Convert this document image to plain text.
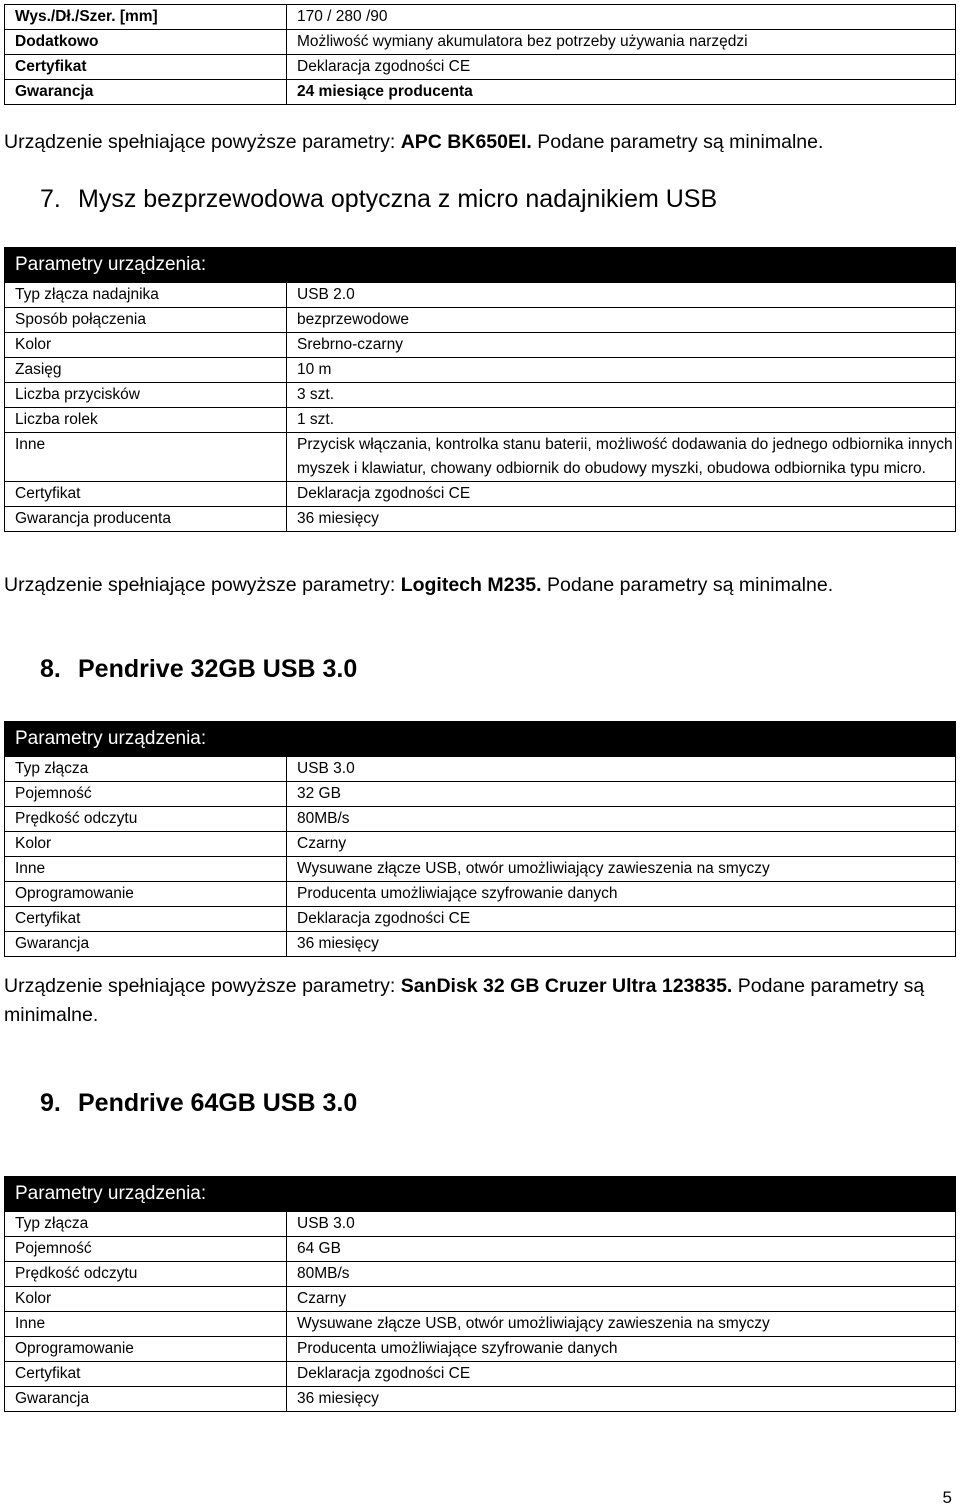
Wys./Dł./Szer. [mm]	170 / 280 /90
Dodatkowo	Możliwość wymiany akumulatora bez potrzeby używania narzędzi
Certyfikat	Deklaracja zgodności CE
Gwarancja	24 miesiące producenta
Urządzenie spełniające powyższe parametry: APC BK650EI. Podane parametry są minimalne.
7. Mysz bezprzewodowa optyczna z micro nadajnikiem USB
Parametry urządzenia:	
Typ złącza nadajnika	USB 2.0
Sposób połączenia	bezprzewodowe
Kolor	Srebrno-czarny
Zasięg	10 m
Liczba przycisków	3 szt.
Liczba rolek	1 szt.
Inne	Przycisk włączania, kontrolka stanu baterii, możliwość dodawania do jednego odbiornika innych myszek i klawiatur, chowany odbiornik do obudowy myszki, obudowa odbiornika typu micro.
Certyfikat	Deklaracja zgodności CE
Gwarancja producenta	36 miesięcy
Urządzenie spełniające powyższe parametry: Logitech M235. Podane parametry są minimalne.
8. Pendrive 32GB USB 3.0
Parametry urządzenia:	
Typ złącza	USB 3.0
Pojemność	32 GB
Prędkość odczytu	80MB/s
Kolor	Czarny
Inne	Wysuwane złącze USB, otwór umożliwiający zawieszenia na smyczy
Oprogramowanie	Producenta umożliwiające szyfrowanie danych
Certyfikat	Deklaracja zgodności CE
Gwarancja	36 miesięcy
Urządzenie spełniające powyższe parametry: SanDisk 32 GB Cruzer Ultra 123835. Podane parametry są minimalne.
9. Pendrive 64GB USB 3.0
Parametry urządzenia:	
Typ złącza	USB 3.0
Pojemność	64 GB
Prędkość odczytu	80MB/s
Kolor	Czarny
Inne	Wysuwane złącze USB, otwór umożliwiający zawieszenia na smyczy
Oprogramowanie	Producenta umożliwiające szyfrowanie danych
Certyfikat	Deklaracja zgodności CE
Gwarancja	36 miesięcy
5
